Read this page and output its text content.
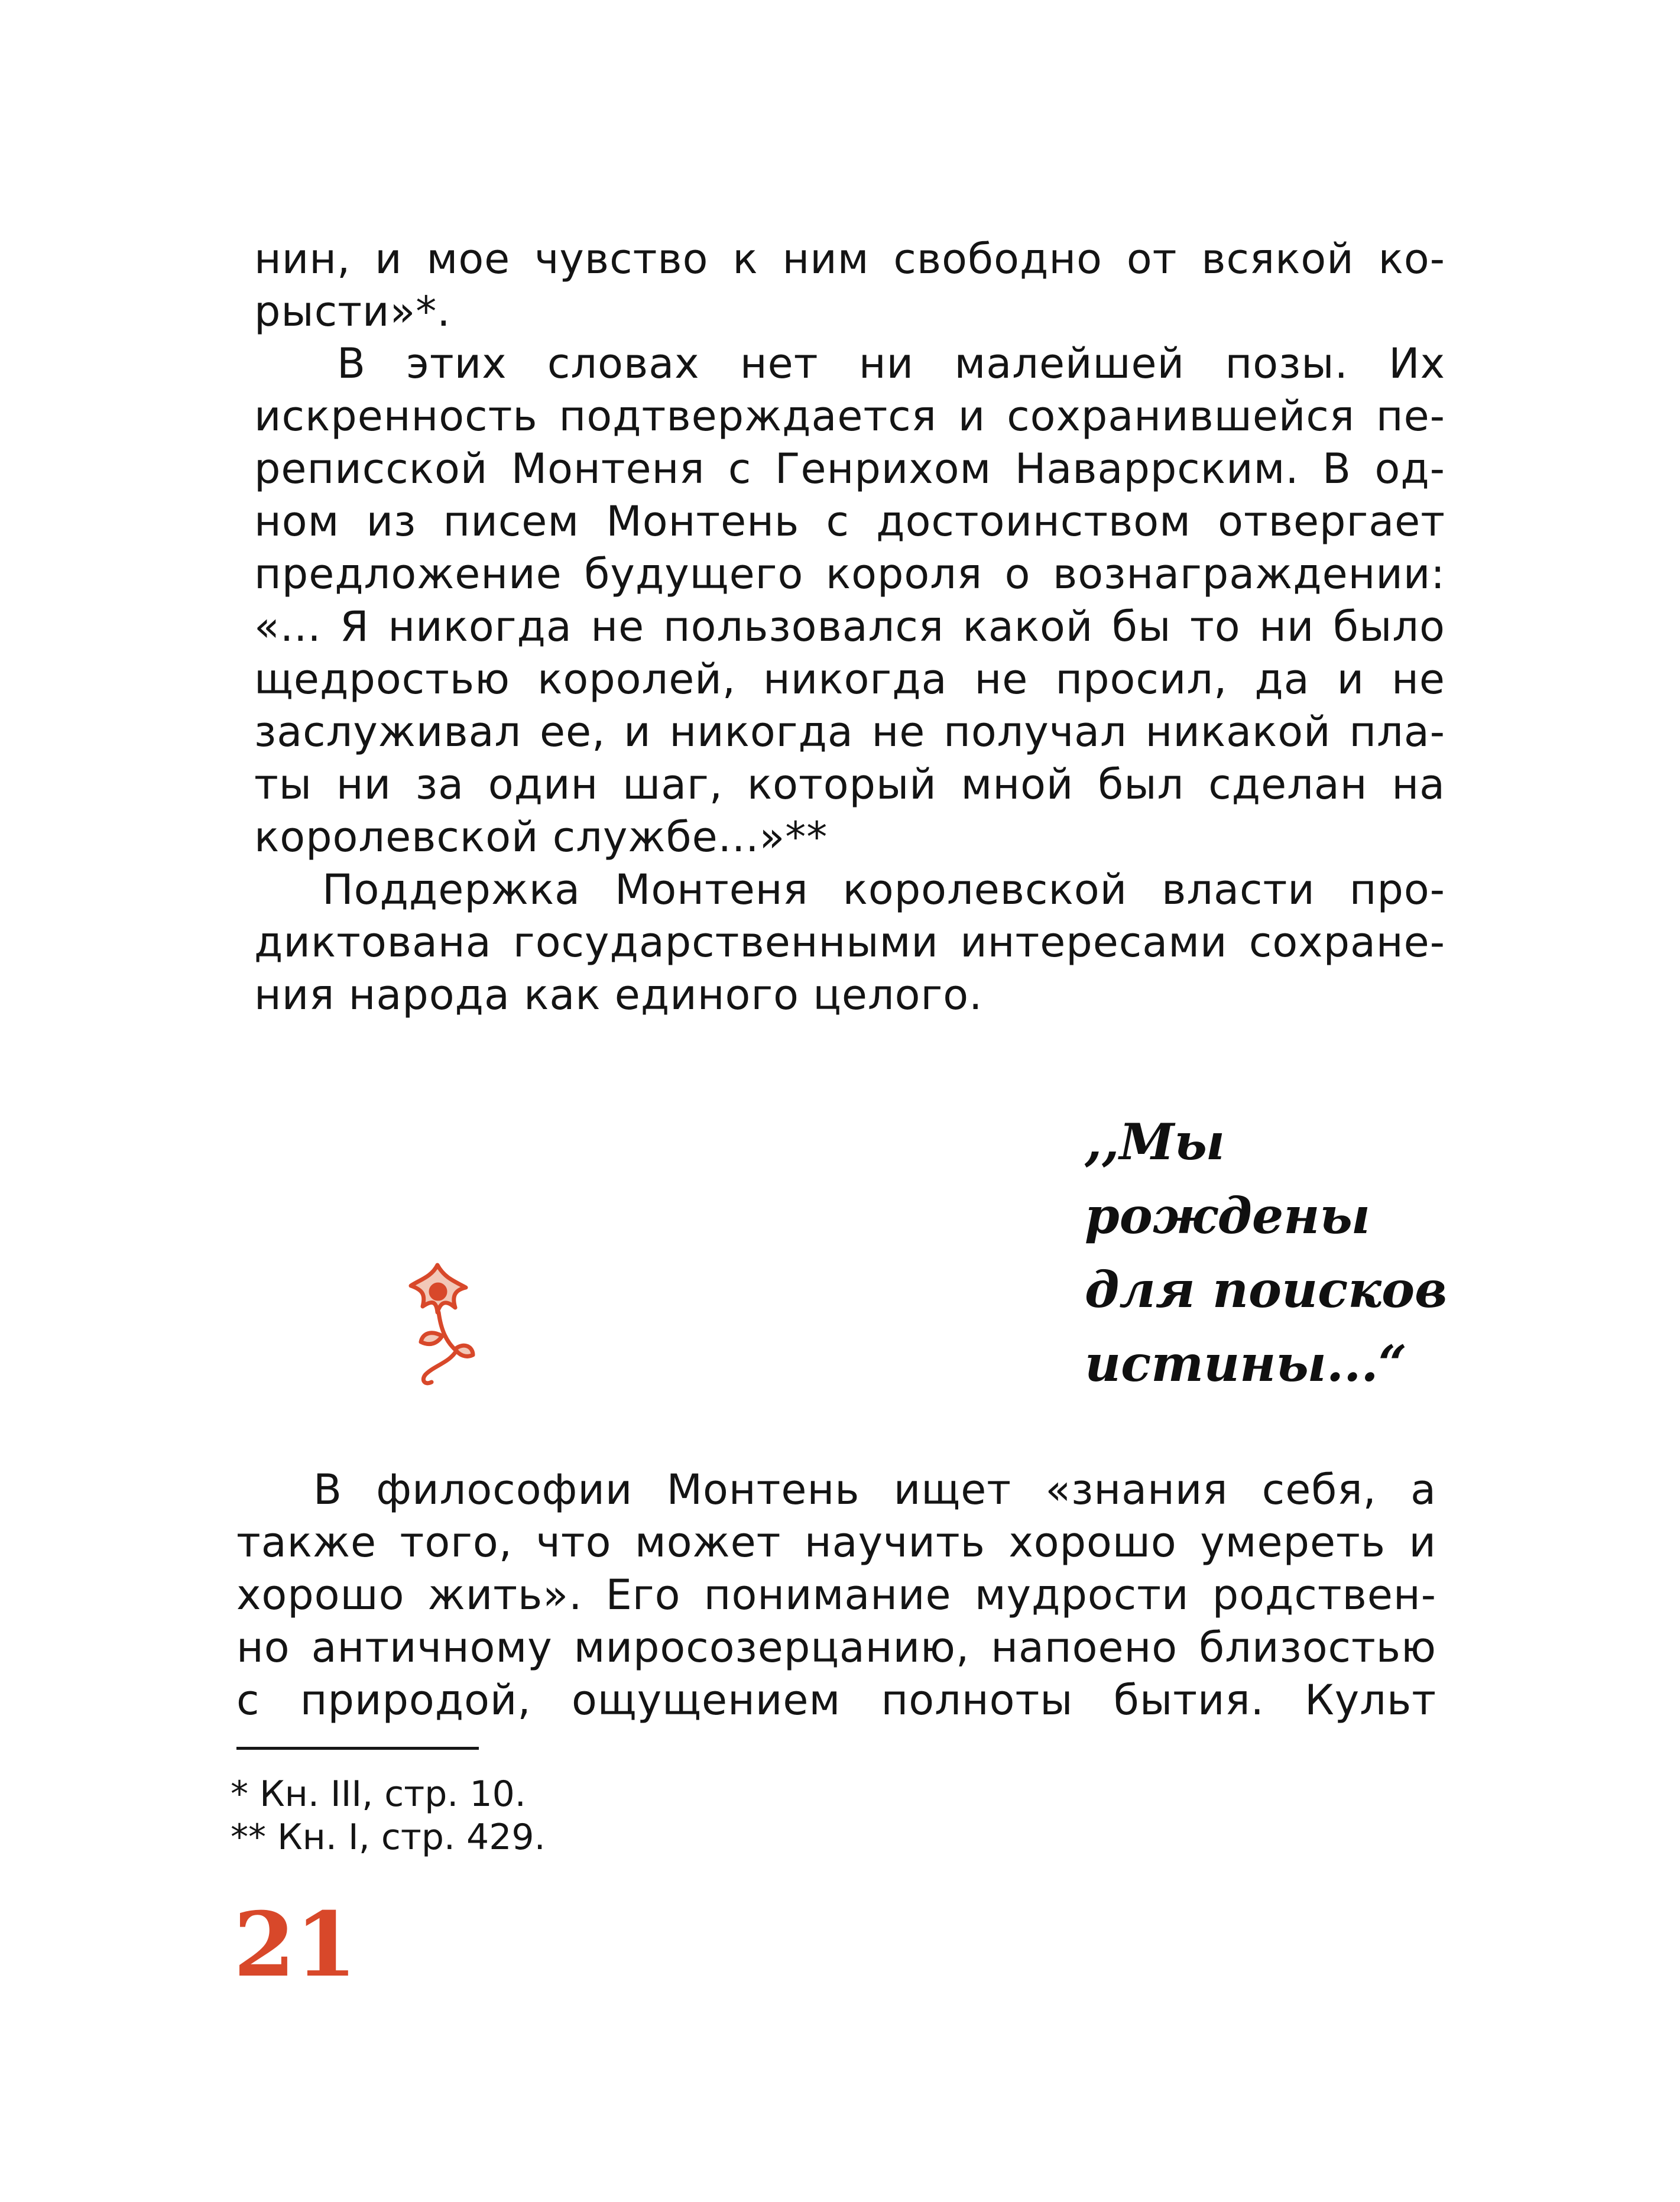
нин, и мое чувство к ним свободно от всякой ко-
рысти»*.
В этих словах нет ни малейшей позы. Их
искренность подтверждается и сохранившейся пе-
реписской Монтеня с Генрихом Наваррским. В од-
ном из писем Монтень с достоинством отвергает
предложение будущего короля о вознаграждении:
«... Я никогда не пользовался какой бы то ни было
щедростью королей, никогда не просил, да и не
заслуживал ее, и никогда не получал никакой пла-
ты ни за один шаг, который мной был сделан на
королевской службе...»**
Поддержка Монтеня королевской власти про-
диктована государственными интересами сохране-
ния народа как единого целого.
,,Мы
рождены
для поисков
истины...“
В философии Монтень ищет «знания себя, а
также того, что может научить хорошо умереть и
хорошо жить». Его понимание мудрости родствен-
но античному миросозерцанию, напоено близостью
с природой, ощущением полноты бытия. Культ
* Кн. III, стр. 10.
** Кн. I, стр. 429.
21
